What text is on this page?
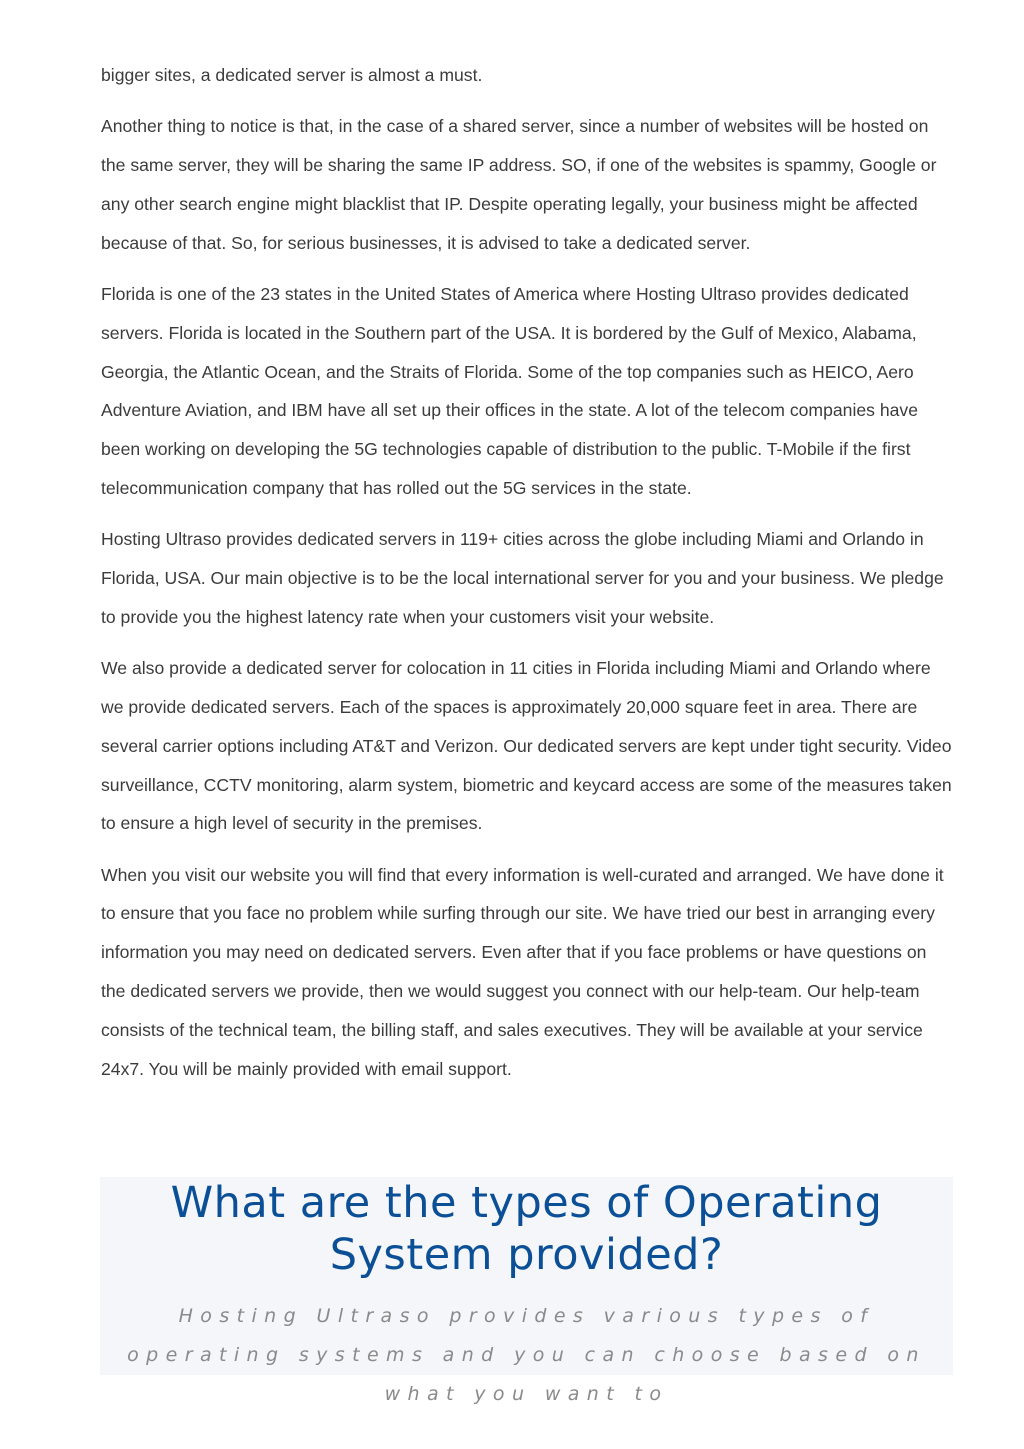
bigger sites, a dedicated server is almost a must.

Another thing to notice is that, in the case of a shared server, since a number of websites will be hosted on the same server, they will be sharing the same IP address. SO, if one of the websites is spammy, Google or any other search engine might blacklist that IP. Despite operating legally, your business might be affected because of that. So, for serious businesses, it is advised to take a dedicated server.

Florida is one of the 23 states in the United States of America where Hosting Ultraso provides dedicated servers. Florida is located in the Southern part of the USA. It is bordered by the Gulf of Mexico, Alabama, Georgia, the Atlantic Ocean, and the Straits of Florida. Some of the top companies such as HEICO, Aero Adventure Aviation, and IBM have all set up their offices in the state. A lot of the telecom companies have been working on developing the 5G technologies capable of distribution to the public. T-Mobile if the first telecommunication company that has rolled out the 5G services in the state.

Hosting Ultraso provides dedicated servers in 119+ cities across the globe including Miami and Orlando in Florida, USA. Our main objective is to be the local international server for you and your business. We pledge to provide you the highest latency rate when your customers visit your website.

We also provide a dedicated server for colocation in 11 cities in Florida including Miami and Orlando where we provide dedicated servers. Each of the spaces is approximately 20,000 square feet in area. There are several carrier options including AT&T and Verizon. Our dedicated servers are kept under tight security. Video surveillance, CCTV monitoring, alarm system, biometric and keycard access are some of the measures taken to ensure a high level of security in the premises.

When you visit our website you will find that every information is well-curated and arranged. We have done it to ensure that you face no problem while surfing through our site. We have tried our best in arranging every information you may need on dedicated servers. Even after that if you face problems or have questions on the dedicated servers we provide, then we would suggest you connect with our help-team. Our help-team consists of the technical team, the billing staff, and sales executives. They will be available at your service 24x7. You will be mainly provided with email support.

What are the types of Operating System provided?

Hosting Ultraso provides various types of operating systems and you can choose based on what you want to
